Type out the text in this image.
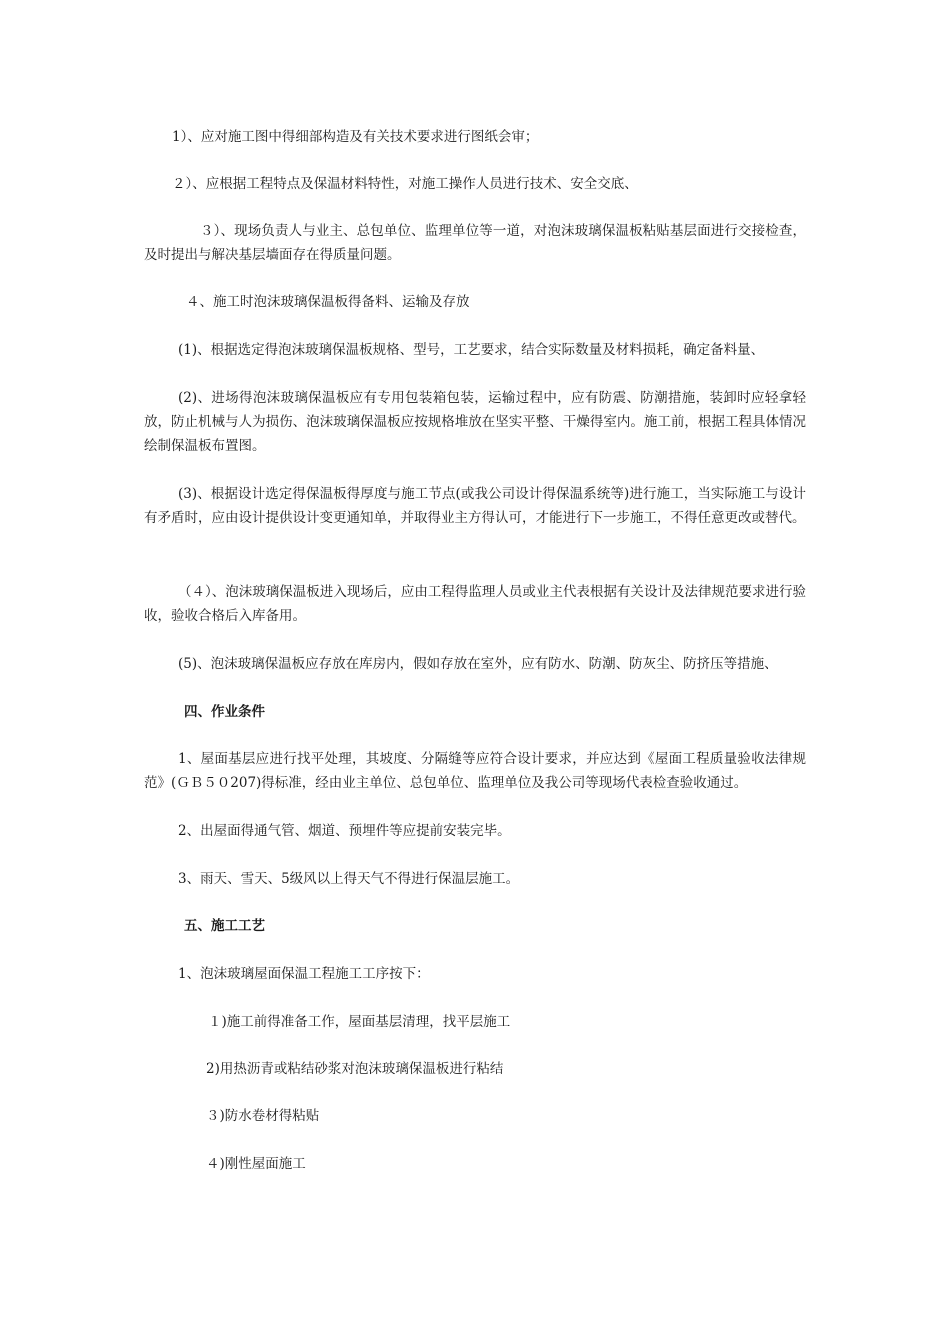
1）、应对施工图中得细部构造及有关技术要求进行图纸会审；

２）、应根据工程特点及保温材料特性，对施工操作人员进行技术、安全交底、

３）、现场负责人与业主、总包单位、监理单位等一道，对泡沫玻璃保温板粘贴基层面进行交接检查，及时提出与解决基层墙面存在得质量问题。

４、施工时泡沫玻璃保温板得备料、运输及存放

(1)、根据选定得泡沫玻璃保温板规格、型号，工艺要求，结合实际数量及材料损耗，确定备料量、

(2)、进场得泡沫玻璃保温板应有专用包装箱包装，运输过程中，应有防震、防潮措施，装卸时应轻拿轻放，防止机械与人为损伤、泡沫玻璃保温板应按规格堆放在坚实平整、干燥得室内。施工前，根据工程具体情况绘制保温板布置图。

(3)、根据设计选定得保温板得厚度与施工节点(或我公司设计得保温系统等)进行施工，当实际施工与设计有矛盾时，应由设计提供设计变更通知单，并取得业主方得认可，才能进行下一步施工，不得任意更改或替代。

（４）、泡沫玻璃保温板进入现场后，应由工程得监理人员或业主代表根据有关设计及法律规范要求进行验收，验收合格后入库备用。

(5)、泡沫玻璃保温板应存放在库房内，假如存放在室外，应有防水、防潮、防灰尘、防挤压等措施、

四、作业条件

1、屋面基层应进行找平处理，其坡度、分隔缝等应符合设计要求，并应达到《屋面工程质量验收法律规范》(ＧＢ５０207)得标准，经由业主单位、总包单位、监理单位及我公司等现场代表检查验收通过。

2、出屋面得通气管、烟道、预埋件等应提前安装完毕。

3、雨天、雪天、5级风以上得天气不得进行保温层施工。

五、施工工艺

1、泡沫玻璃屋面保温工程施工工序按下：

１)施工前得准备工作，屋面基层清理，找平层施工

2)用热沥青或粘结砂浆对泡沫玻璃保温板进行粘结

３)防水卷材得粘贴

４)刚性屋面施工
